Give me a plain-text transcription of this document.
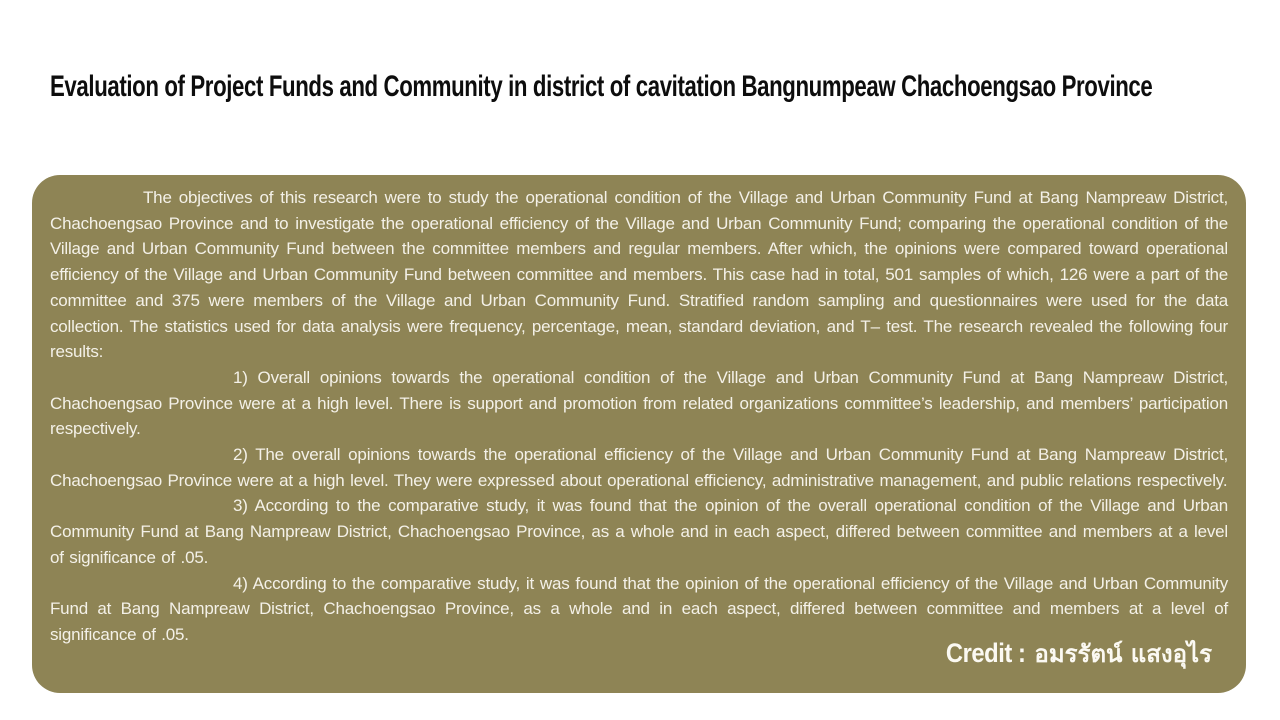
Evaluation of Project Funds and Community in district of cavitation Bangnumpeaw Chachoengsao Province

The objectives of this research were to study the operational condition of the Village and Urban Community Fund at Bang Nampreaw District, Chachoengsao Province and to investigate the operational efficiency of the Village and Urban Community Fund; comparing the operational condition of the Village and Urban Community Fund between the committee members and regular members. After which, the opinions were compared toward operational efficiency of the Village and Urban Community Fund between committee and members. This case had in total, 501 samples of which, 126 were a part of the committee and 375 were members of the Village and Urban Community Fund. Stratified random sampling and questionnaires were used for the data collection. The statistics used for data analysis were frequency, percentage, mean, standard deviation, and T– test. The research revealed the following four results:

1) Overall opinions towards the operational condition of the Village and Urban Community Fund at Bang Nampreaw District, Chachoengsao Province were at a high level. There is support and promotion from related organizations committee’s leadership, and members’ participation respectively.

2) The overall opinions towards the operational efficiency of the Village and Urban Community Fund at Bang Nampreaw District, Chachoengsao Province were at a high level. They were expressed about operational efficiency, administrative management, and public relations respectively.

3) According to the comparative study, it was found that the opinion of the overall operational condition of the Village and Urban Community Fund at Bang Nampreaw District, Chachoengsao Province, as a whole and in each aspect, differed between committee and members at a level of significance of .05.

4) According to the comparative study, it was found that the opinion of the operational efficiency of the Village and Urban Community Fund at Bang Nampreaw District, Chachoengsao Province, as a whole and in each aspect, differed between committee and members at a level of significance of .05.

Credit : อมรรัตน์ แสงอุไร
